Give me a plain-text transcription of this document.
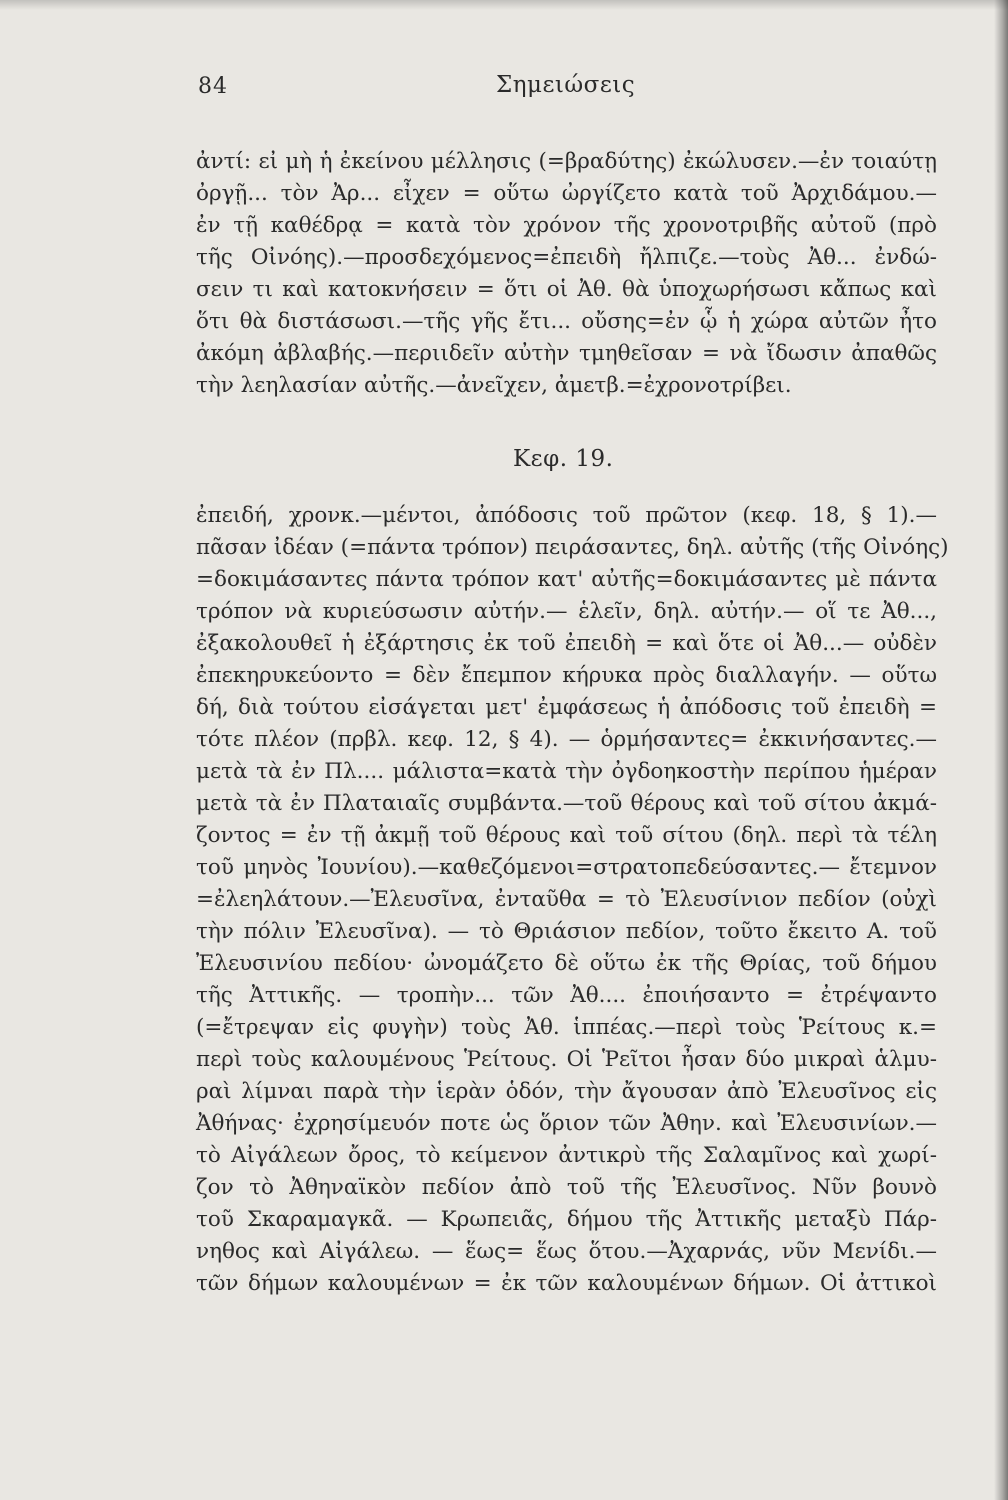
84	Σημειώσεις
ἀντί: εἰ μὴ ἡ ἐκείνου μέλλησις (=βραδύτης) ἐκώλυσεν.—ἐν τοιαύτῃ
ὀργῇ... τὸν Ἀρ... εἶχεν = οὕτω ὠργίζετο κατὰ τοῦ Ἀρχιδάμου.—
ἐν τῇ καθέδρᾳ = κατὰ τὸν χρόνον τῆς χρονοτριβῆς αὐτοῦ (πρὸ
τῆς Οἰνόης).—προσδεχόμενος=ἐπειδὴ ἤλπιζε.—τοὺς Ἀθ... ἐνδώ-
σειν τι καὶ κατοκνήσειν = ὅτι οἱ Ἀθ. θὰ ὑποχωρήσωσι κἄπως καὶ
ὅτι θὰ διστάσωσι.—τῆς γῆς ἔτι... οὔσης=ἐν ᾧ ἡ χώρα αὐτῶν ἦτο
ἀκόμη ἀβλαβής.—περιιδεῖν αὐτὴν τμηθεῖσαν = νὰ ἴδωσιν ἀπαθῶς
τὴν λεηλασίαν αὐτῆς.—ἀνεῖχεν, ἀμετβ.=ἐχρονοτρίβει.
Κεφ. 19.
ἐπειδή, χρονκ.—μέντοι, ἀπόδοσις τοῦ πρῶτον (κεφ. 18, § 1).—
πᾶσαν ἰδέαν (=πάντα τρόπον) πειράσαντες, δηλ. αὐτῆς (τῆς Οἰνόης)
=δοκιμάσαντες πάντα τρόπον κατ' αὐτῆς=δοκιμάσαντες μὲ πάντα
τρόπον νὰ κυριεύσωσιν αὐτήν.— ἑλεῖν, δηλ. αὐτήν.— οἵ τε Ἀθ...,
ἐξακολουθεῖ ἡ ἐξάρτησις ἐκ τοῦ ἐπειδὴ = καὶ ὅτε οἱ Ἀθ...— οὐδὲν
ἐπεκηρυκεύοντο = δὲν ἔπεμπον κήρυκα πρὸς διαλλαγήν. — οὕτω
δή, διὰ τούτου εἰσάγεται μετ' ἐμφάσεως ἡ ἀπόδοσις τοῦ ἐπειδὴ =
τότε πλέον (πρβλ. κεφ. 12, § 4). — ὁρμήσαντες= ἐκκινήσαντες.—
μετὰ τὰ ἐν Πλ.... μάλιστα=κατὰ τὴν ὀγδοηκοστὴν περίπου ἡμέραν
μετὰ τὰ ἐν Πλαταιαῖς συμβάντα.—τοῦ θέρους καὶ τοῦ σίτου ἀκμά-
ζοντος = ἐν τῇ ἀκμῇ τοῦ θέρους καὶ τοῦ σίτου (δηλ. περὶ τὰ τέλη
τοῦ μηνὸς Ἰουνίου).—καθεζόμενοι=στρατοπεδεύσαντες.— ἔτεμνον
=ἐλεηλάτουν.—Ἐλευσῖνα, ἐνταῦθα = τὸ Ἐλευσίνιον πεδίον (οὐχὶ
τὴν πόλιν Ἐλευσῖνα). — τὸ Θριάσιον πεδίον, τοῦτο ἔκειτο Α. τοῦ
Ἐλευσινίου πεδίου· ὠνομάζετο δὲ οὕτω ἐκ τῆς Θρίας, τοῦ δήμου
τῆς Ἀττικῆς. — τροπὴν... τῶν Ἀθ.... ἐποιήσαντο = ἐτρέψαντο
(=ἔτρεψαν εἰς φυγὴν) τοὺς Ἀθ. ἱππέας.—περὶ τοὺς Ῥείτους κ.=
περὶ τοὺς καλουμένους Ῥείτους. Οἱ Ῥεῖτοι ἦσαν δύο μικραὶ ἁλμυ-
ραὶ λίμναι παρὰ τὴν ἱερὰν ὁδόν, τὴν ἄγουσαν ἀπὸ Ἐλευσῖνος εἰς
Ἀθήνας· ἐχρησίμευόν ποτε ὡς ὅριον τῶν Ἀθην. καὶ Ἐλευσινίων.—
τὸ Αἰγάλεων ὄρος, τὸ κείμενον ἀντικρὺ τῆς Σαλαμῖνος καὶ χωρί-
ζον τὸ Ἀθηναϊκὸν πεδίον ἀπὸ τοῦ τῆς Ἐλευσῖνος. Νῦν βουνὸ
τοῦ Σκαραμαγκᾶ. — Κρωπειᾶς, δήμου τῆς Ἀττικῆς μεταξὺ Πάρ-
νηθος καὶ Αἰγάλεω. — ἕως= ἕως ὅτου.—Ἀχαρνάς, νῦν Μενίδι.—
τῶν δήμων καλουμένων = ἐκ τῶν καλουμένων δήμων. Οἱ ἀττικοὶ
